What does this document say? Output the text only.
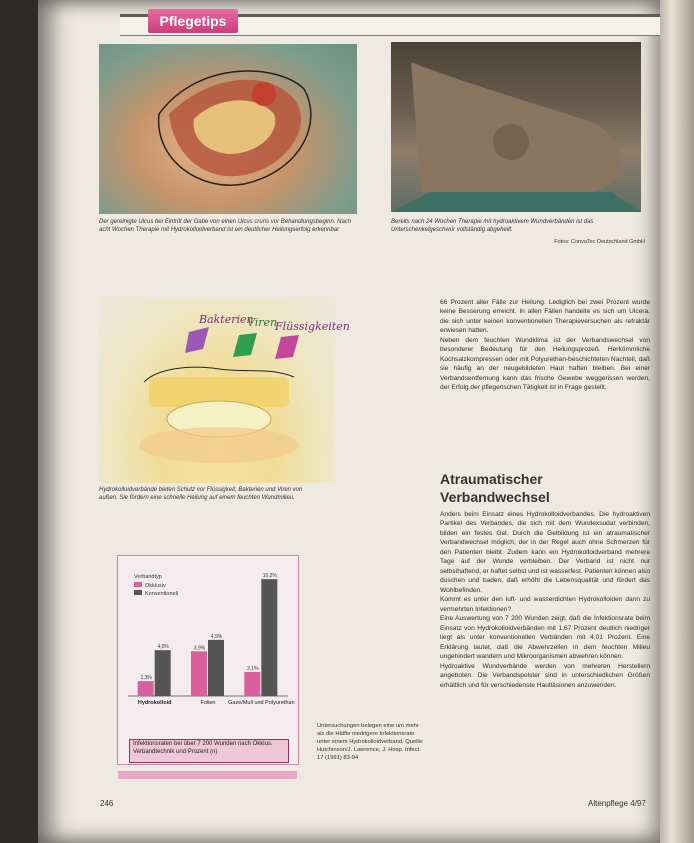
Pflegetips
Der gereinigte Ulcus bei Eintritt der Gabe von einen Ulcus cruris vor Behandlungsbeginn. Nach acht Wochen Therapie mit Hydrokolloidverband ist ein deutlicher Heilungserfolg erkennbar
Bereits nach 24 Wochen Therapie mit hydroaktivem Wundverbänden ist das Unterschenkelgeschwür vollständig abgeheilt.
Fotos: ConvaTec Deutschland GmbH
Bakterien
Viren
Flüssigkeiten
Hydrokolloidverbände bieten Schutz vor Flüssigkeit, Bakterien und Viren von außen. Sie fördern eine schnelle Heilung auf einem feuchten Wundmilieu.
66 Prozent aller Fälle zur Heilung. Lediglich bei zwei Prozent wurde keine Besserung erreicht. In allen Fällen handelte es sich um Ulcera, die sich unter keinen konventionellen Therapieversuchen als refraktär erwiesen hatten.
Neben dem feuchten Wundklima ist der Verbandswechsel von besonderer Bedeutung für den Heilungsprozeß. Herkömmliche Kochsalzkompressen oder mit Polyurethan-beschichteten Nachteil, daß sie häufig an der neugebildeten Haut haften bleiben. Bei einer Verbandsentfernung kann das frische Gewebe weggerissen werden, der Erfolg der pflegerischen Tätigkeit ist in Frage gestellt.
Atraumatischer Verbandwechsel
Anders beim Einsatz eines Hydrokolloidverbandes. Die hydroaktiven Partikel des Verbandes, die sich mit dem Wundexsudat verbinden, bilden ein festes Gel. Durch die Gelbildung ist ein atraumatischer Verbandwechsel möglich, der in der Regel auch ohne Schmerzen für den Patienten bleibt. Zudem kann ein Hydrokolloidverband mehrere Tage auf der Wunde verbleiben. Der Verband ist nicht nur selbsthaftend, er haftet selbst und ist wasserfest. Patienten können also duschen und baden, daß erhöht die Lebensqualität und fördert das Wohlbefinden.
Kommt es unter den luft- und wasserdichten Hydrokolloiden dann zu vermehrten Infektionen?
Eine Auswertung von 7 200 Wunden zeigt, daß die Infektionsrate beim Einsatz von Hydrokolloidverbänden mit 1,67 Prozent deutlich niedriger liegt als unter konventionellen Verbänden mit 4,01 Prozent. Eine Erklärung lautet, daß die Abwehrzellen in dem feuchten Milieu ungehindert wandern und Mikroorganismen abwehren können.
Hydroaktive Wundverbände werden von mehreren Herstellern angeboten. Die Verbandspolster sind in unterschiedlichen Größen erhältlich und für verschiedenste Hautläsionen anzuwenden.
Verbandtyp
Okklusiv
Konventionell
1,3%
4,0%
Hydrokolloid
3,9%
4,9%
Folien
2,1%
10,2%
Gaze/Mull und Polyurethan
Infektionsraten bei über 7 200 Wunden nach Okklus. Verbandtechnik und Prozent (n)
Untersuchungen belegen eine um mehr als die Hälfte niedrigere Infektionsrate unter einem Hydrokolloidverband. Quelle: Hutchinson/J. Lawrence, J. Hosp. Infect. 17 (1991) 83-94
246	Altenpflege 4/97
